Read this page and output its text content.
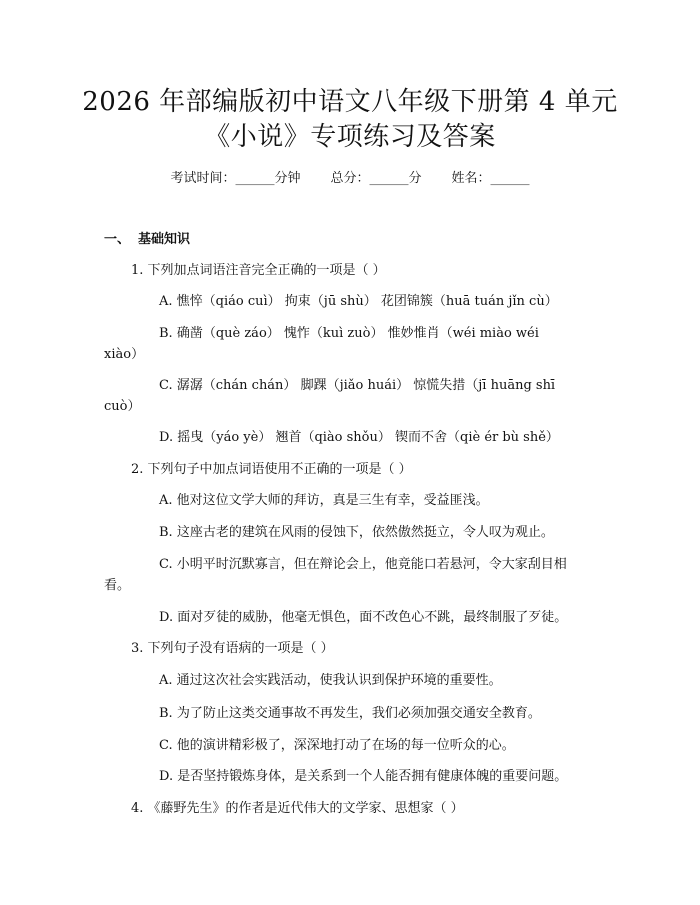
2026 年部编版初中语文八年级下册第 4 单元
《小说》专项练习及答案
考试时间：______分钟 总分：______分 姓名：______
一、 基础知识
1. 下列加点词语注音完全正确的一项是（ ）
A. 憔悴（qiáo cuì） 拘束（jū shù） 花团锦簇（huā tuán jǐn cù）
B. 确凿（què záo） 愧怍（kuì zuò） 惟妙惟肖（wéi miào wéi
xiào）
C. 潺潺（chán chán） 脚踝（jiǎo huái） 惊慌失措（jī huāng shī
cuò）
D. 摇曳（yáo yè） 翘首（qiào shǒu） 锲而不舍（qiè ér bù shě）
2. 下列句子中加点词语使用不正确的一项是（ ）
A. 他对这位文学大师的拜访，真是三生有幸，受益匪浅。
B. 这座古老的建筑在风雨的侵蚀下，依然傲然挺立，令人叹为观止。
C. 小明平时沉默寡言，但在辩论会上，他竟能口若悬河，令大家刮目相
看。
D. 面对歹徒的威胁，他毫无惧色，面不改色心不跳，最终制服了歹徒。
3. 下列句子没有语病的一项是（ ）
A. 通过这次社会实践活动，使我认识到保护环境的重要性。
B. 为了防止这类交通事故不再发生，我们必须加强交通安全教育。
C. 他的演讲精彩极了，深深地打动了在场的每一位听众的心。
D. 是否坚持锻炼身体，是关系到一个人能否拥有健康体魄的重要问题。
4. 《藤野先生》的作者是近代伟大的文学家、思想家（ ）
